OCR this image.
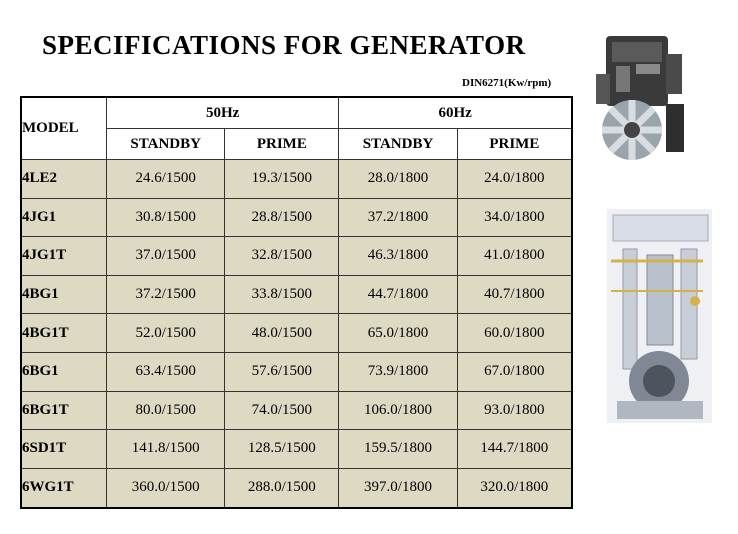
SPECIFICATIONS FOR GENERATOR
DIN6271(Kw/rpm)
MODEL	50Hz		60Hz	
	STANDBY	PRIME	STANDBY	PRIME
4LE2	24.6/1500	19.3/1500	28.0/1800	24.0/1800
4JG1	30.8/1500	28.8/1500	37.2/1800	34.0/1800
4JG1T	37.0/1500	32.8/1500	46.3/1800	41.0/1800
4BG1	37.2/1500	33.8/1500	44.7/1800	40.7/1800
4BG1T	52.0/1500	48.0/1500	65.0/1800	60.0/1800
6BG1	63.4/1500	57.6/1500	73.9/1800	67.0/1800
6BG1T	80.0/1500	74.0/1500	106.0/1800	93.0/1800
6SD1T	141.8/1500	128.5/1500	159.5/1800	144.7/1800
6WG1T	360.0/1500	288.0/1500	397.0/1800	320.0/1800
